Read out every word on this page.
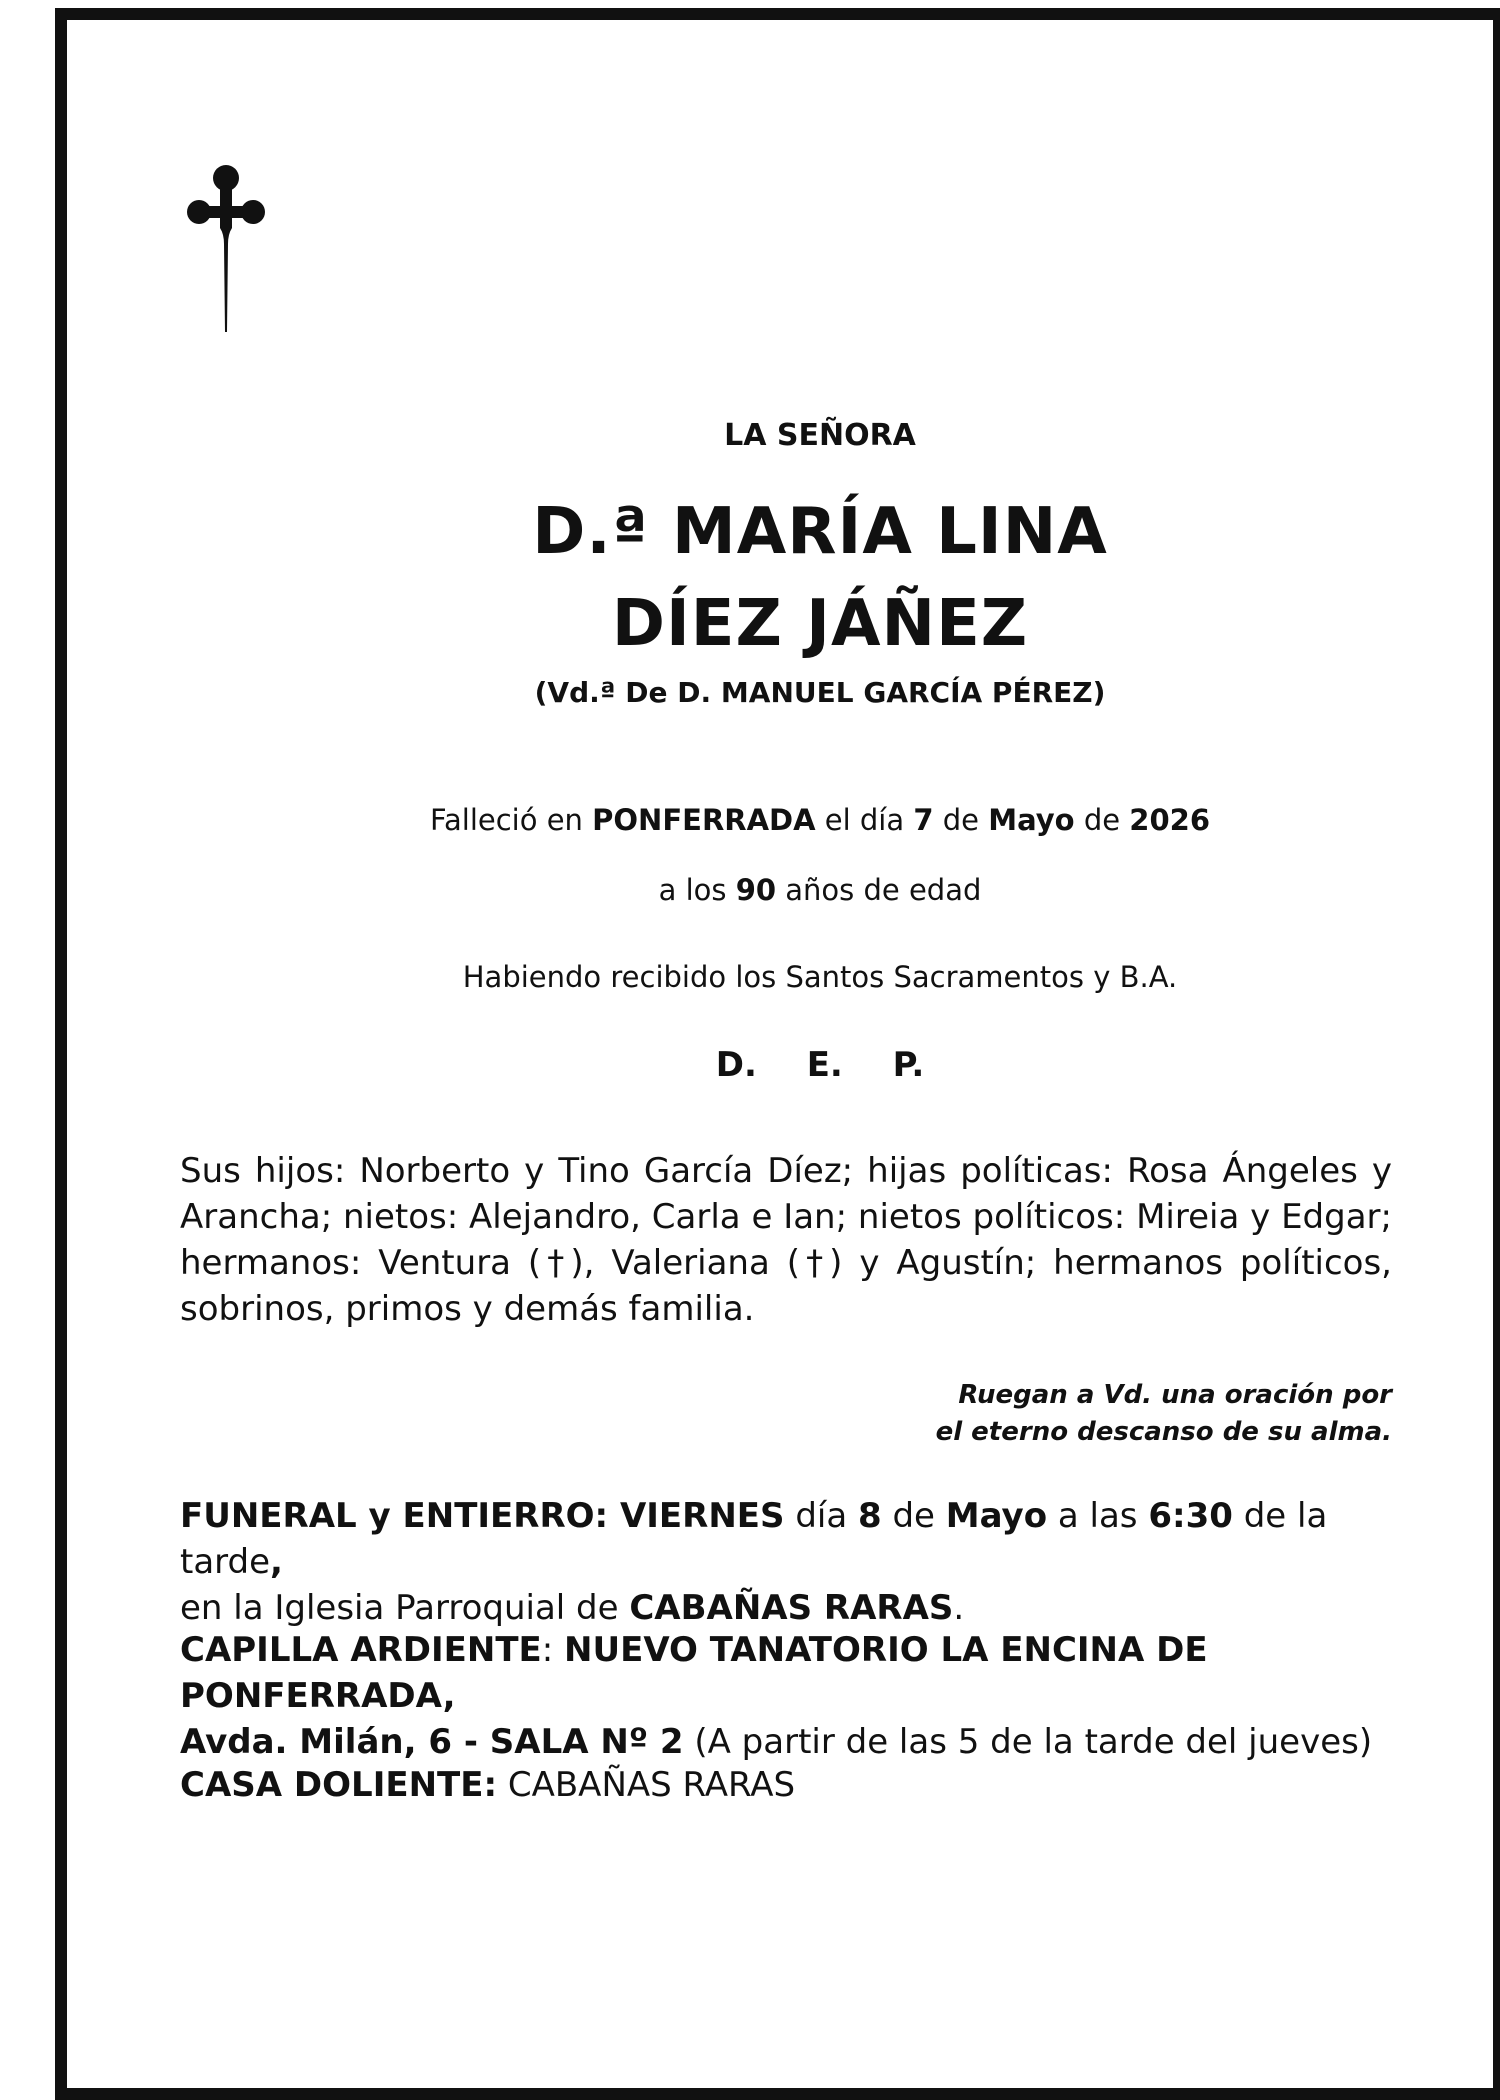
LA SEÑORA
D.ª MARÍA LINA
DÍEZ JÁÑEZ
(Vd.ª De D. MANUEL GARCÍA PÉREZ)
Falleció en PONFERRADA el día 7 de Mayo de 2026
a los 90 años de edad
Habiendo recibido los Santos Sacramentos y B.A.
D. E. P.
Sus hijos: Norberto y Tino García Díez; hijas políticas: Rosa Ángeles y Arancha; nietos: Alejandro, Carla e Ian; nietos políticos: Mireia y Edgar; hermanos: Ventura (†), Valeriana (†) y Agustín; hermanos políticos, sobrinos, primos y demás familia.
Ruegan a Vd. una oración por
el eterno descanso de su alma.
FUNERAL y ENTIERRO: VIERNES día 8 de Mayo a las 6:30 de la tarde,
en la Iglesia Parroquial de CABAÑAS RARAS.
CAPILLA ARDIENTE: NUEVO TANATORIO LA ENCINA DE PONFERRADA,
Avda. Milán, 6 - SALA Nº 2 (A partir de las 5 de la tarde del jueves)
CASA DOLIENTE: CABAÑAS RARAS
